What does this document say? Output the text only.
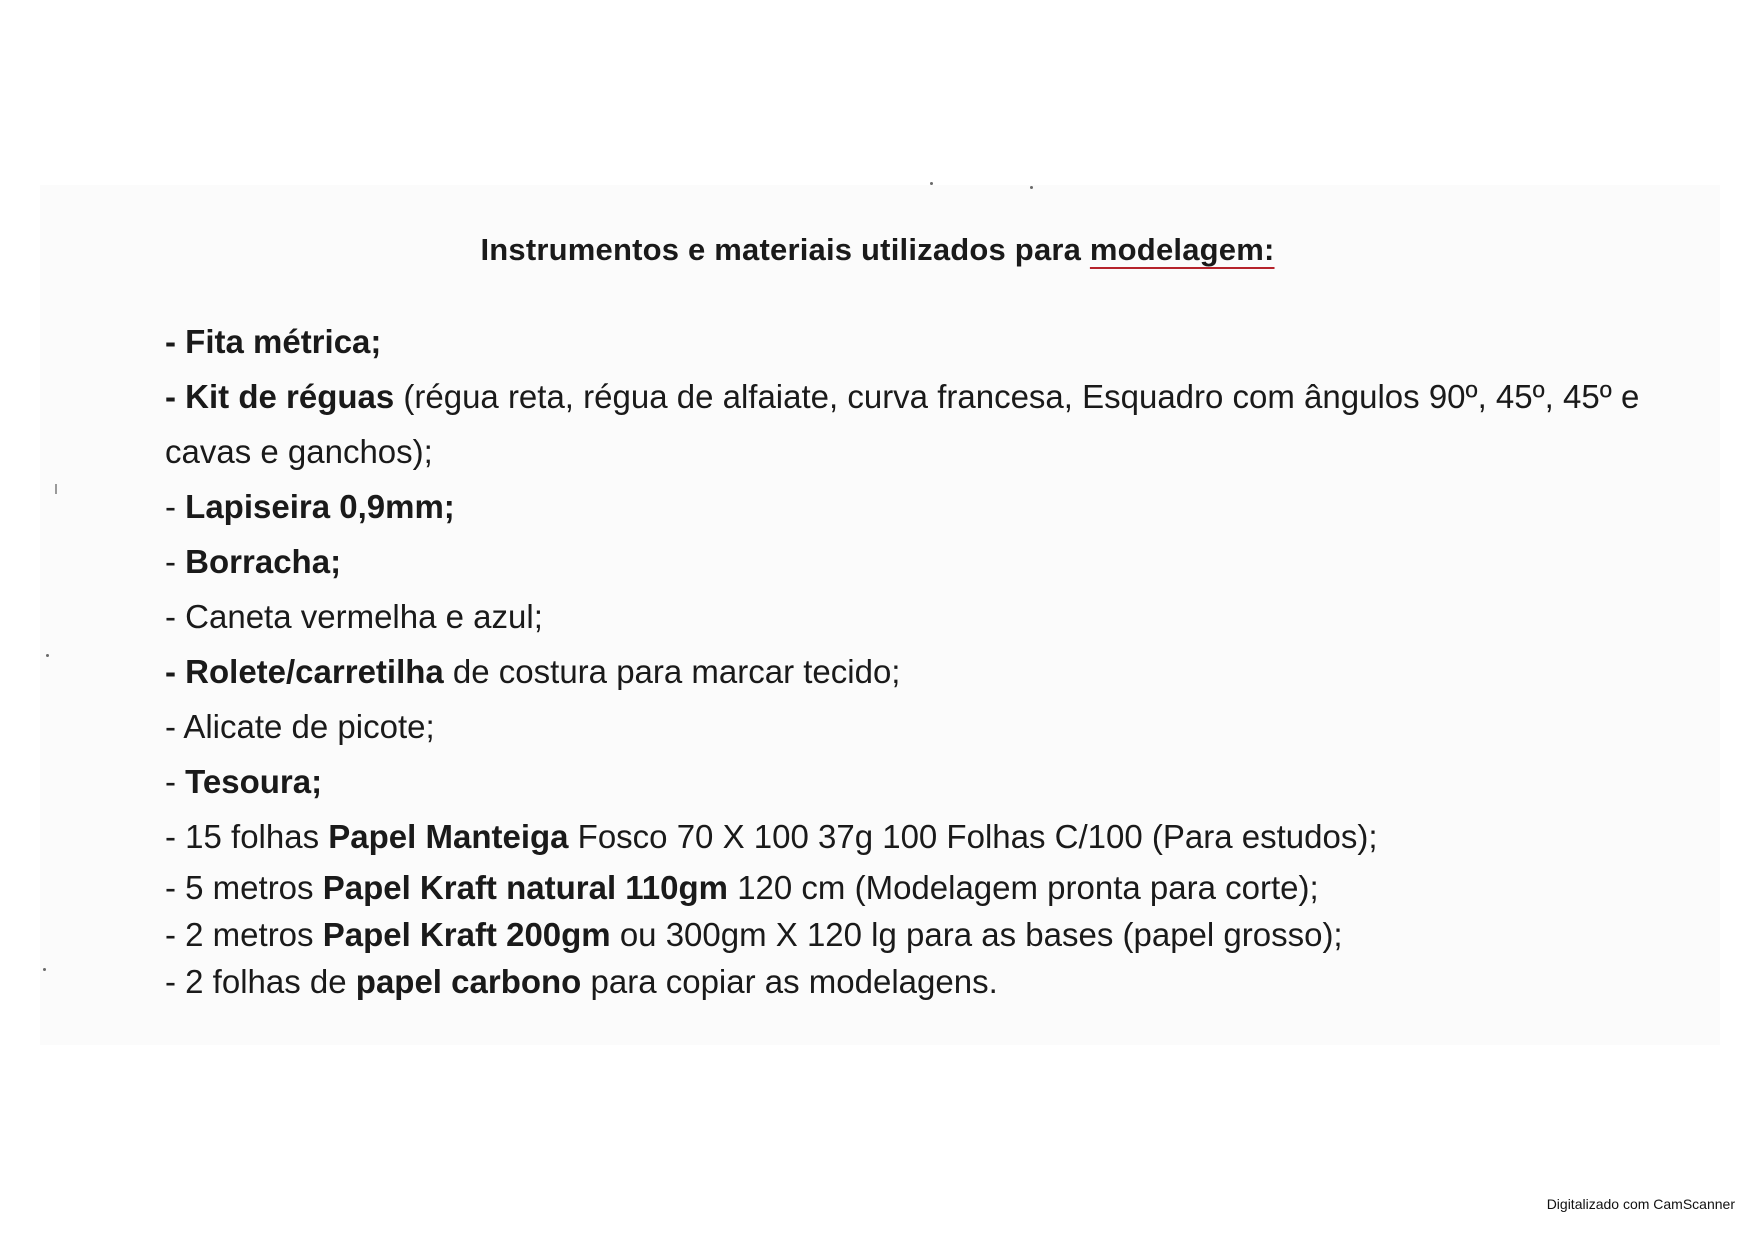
Instrumentos e materiais utilizados para modelagem:
- Fita métrica;
- Kit de réguas (régua reta, régua de alfaiate, curva francesa, Esquadro com ângulos 90º, 45º, 45º e cavas e ganchos);
- Lapiseira 0,9mm;
- Borracha;
- Caneta vermelha e azul;
- Rolete/carretilha de costura para marcar tecido;
- Alicate de picote;
- Tesoura;
- 15 folhas Papel Manteiga Fosco 70 X 100 37g 100 Folhas C/100 (Para estudos);
- 5 metros Papel Kraft natural 110gm 120 cm (Modelagem pronta para corte);
- 2 metros Papel Kraft 200gm ou 300gm X 120 lg para as bases (papel grosso);
- 2 folhas de papel carbono para copiar as modelagens.
Digitalizado com CamScanner
